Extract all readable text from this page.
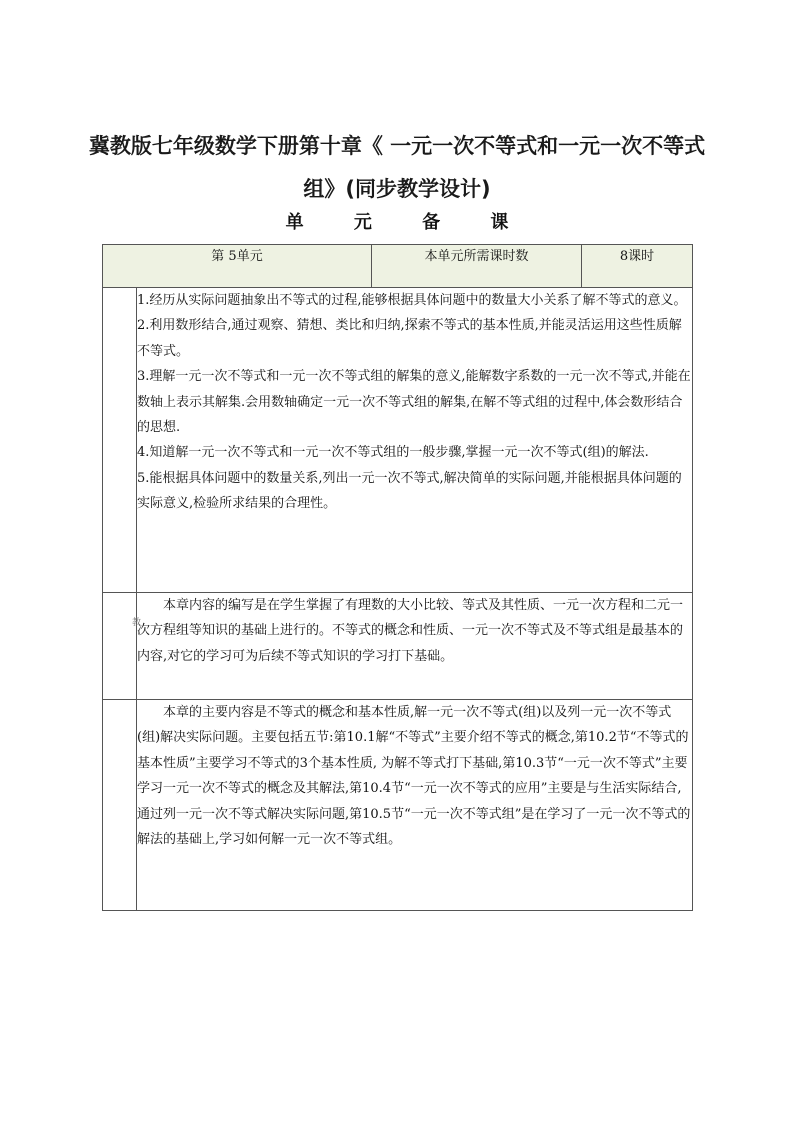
冀教版七年级数学下册第十章《 一元一次不等式和一元一次不等式
组》(同步教学设计)
单 元 备 课
第 5单元		本单元所需课时数	8课时

	1.经历从实际问题抽象出不等式的过程,能够根据具体问题中的数量大小关系了解不等式的意义。

2.利用数形结合,通过观察、猜想、类比和归纳,探索不等式的基本性质,并能灵活运用这些性质解不等式。

3.理解一元一次不等式和一元一次不等式组的解集的意义,能解数字系数的一元一次不等式,并能在数轴上表示其解集.会用数轴确定一元一次不等式组的解集,在解不等式组的过程中,体会数形结合的思想.

4.知道解一元一次不等式和一元一次不等式组的一般步骤,掌握一元一次不等式(组)的解法.

5.能根据具体问题中的数量关系,列出一元一次不等式,解决简单的实际问题,并能根据具体问题的实际意义,检验所求结果的合理性。		

	本章内容的编写是在学生掌握了有理数的大小比较、等式及其性质、一元一次方程和二元一次方程组等知识的基础上进行的。不等式的概念和性质、一元一次不等式及不等式组是最基本的内容,对它的学习可为后续不等式知识的学习打下基础。		

	本章的主要内容是不等式的概念和基本性质,解一元一次不等式(组)以及列一元一次不等式(组)解决实际问题。主要包括五节:第10.1解“不等式”主要介绍不等式的概念,第10.2节“不等式的基本性质”主要学习不等式的3个基本性质, 为解不等式打下基础,第10.3节“一元一次不等式”主要学习一元一次不等式的概念及其解法,第10.4节“一元一次不等式的应用”主要是与生活实际结合,通过列一元一次不等式解决实际问题,第10.5节“一元一次不等式组”是在学习了一元一次不等式的解法的基础上,学习如何解一元一次不等式组。		

教
